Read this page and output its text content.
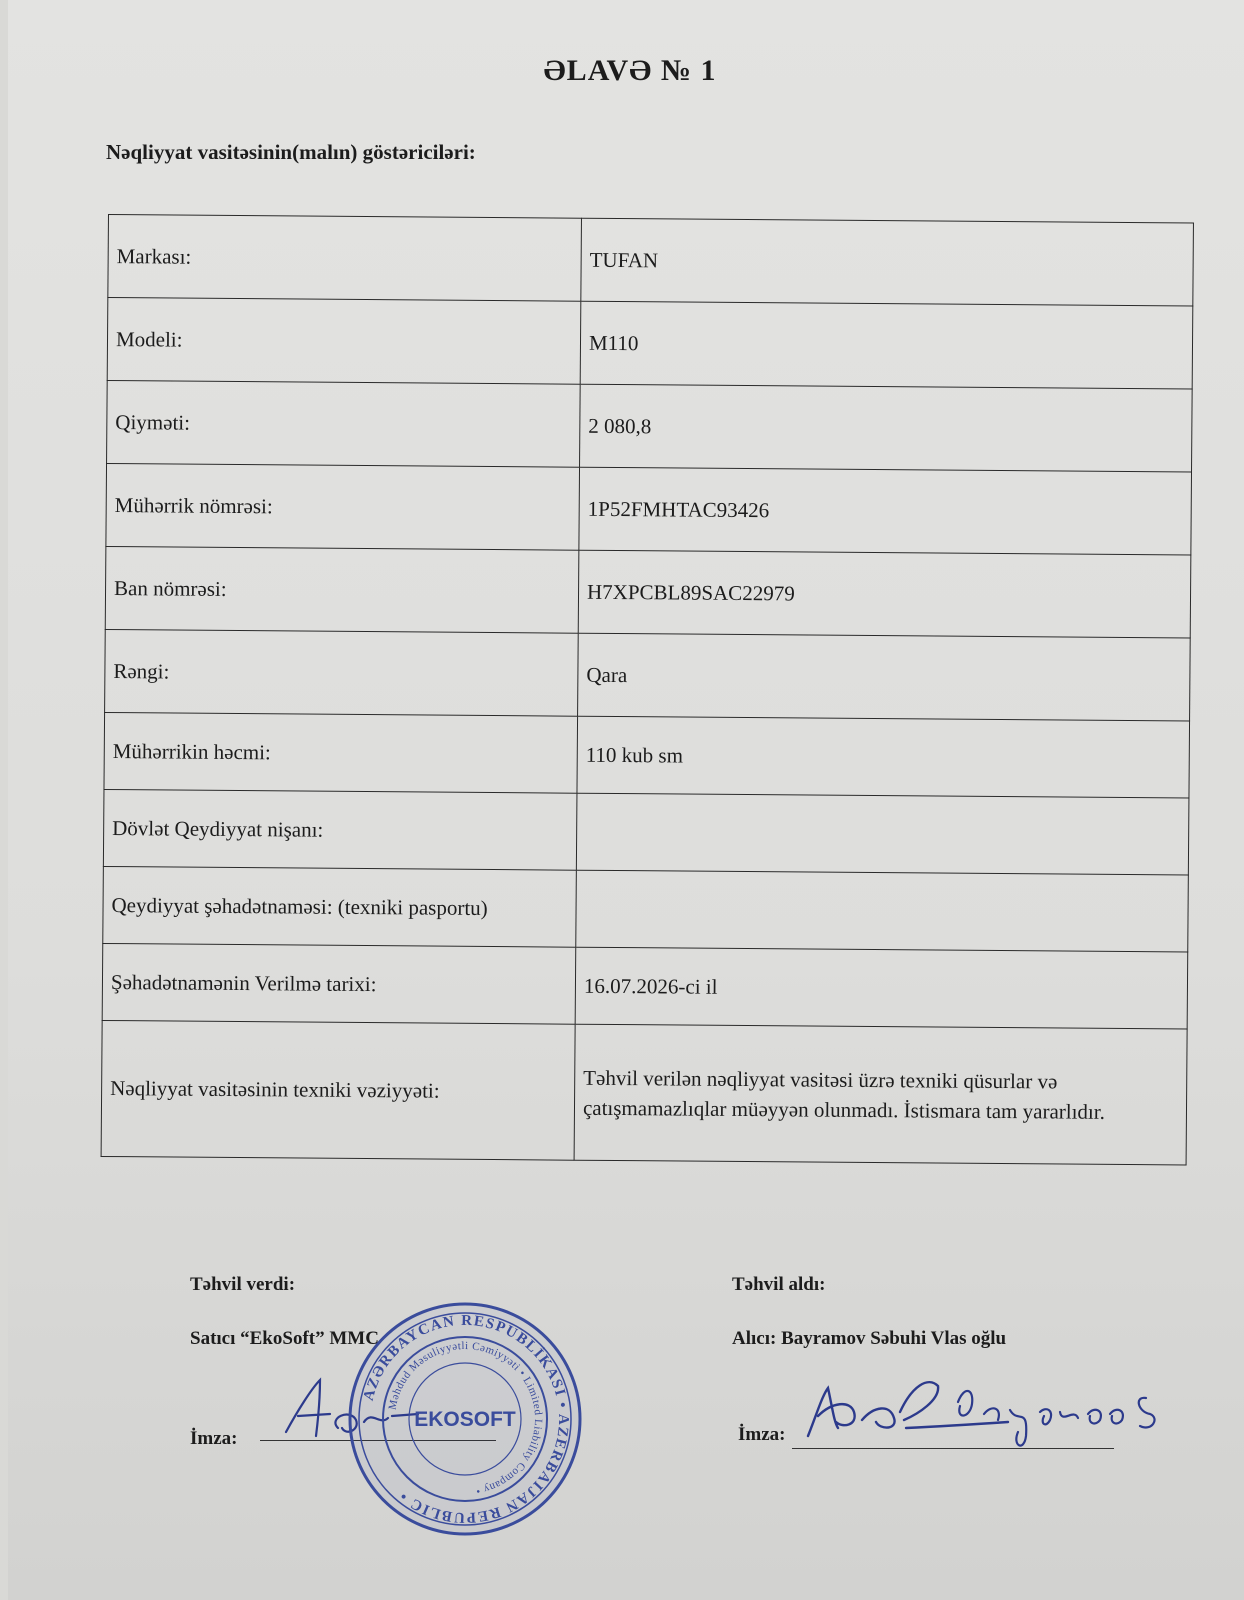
ƏLAVƏ № 1
Nəqliyyat vasitəsinin(malın) göstəriciləri:
Markası:	TUFAN
Modeli:	M110
Qiyməti:	2 080,8
Mühərrik nömrəsi:	1P52FMHTAC93426
Ban nömrəsi:	H7XPCBL89SAC22979
Rəngi:	Qara
Mühərrikin həcmi:	110 kub sm
Dövlət Qeydiyyat nişanı:	
Qeydiyyat şəhadətnaməsi: (texniki pasportu)	
Şəhadətnamənin Verilmə tarixi:	16.07.2026-ci il
Nəqliyyat vasitəsinin texniki vəziyyəti:	Təhvil verilən nəqliyyat vasitəsi üzrə texniki qüsurlar və çatışmamazlıqlar müəyyən olunmadı. İstismara tam yararlıdır.
Təhvil verdi:
Satıcı “EkoSoft” MMC
İmza:
Təhvil aldı:
Alıcı: Bayramov Səbuhi Vlas oğlu
İmza:
AZƏRBAYCAN RESPUBLİKASI • AZERBAIJAN REPUBLIC •
Məhdud Məsuliyyətli Cəmiyyəti • Limited Liability Company •
EKOSOFT
